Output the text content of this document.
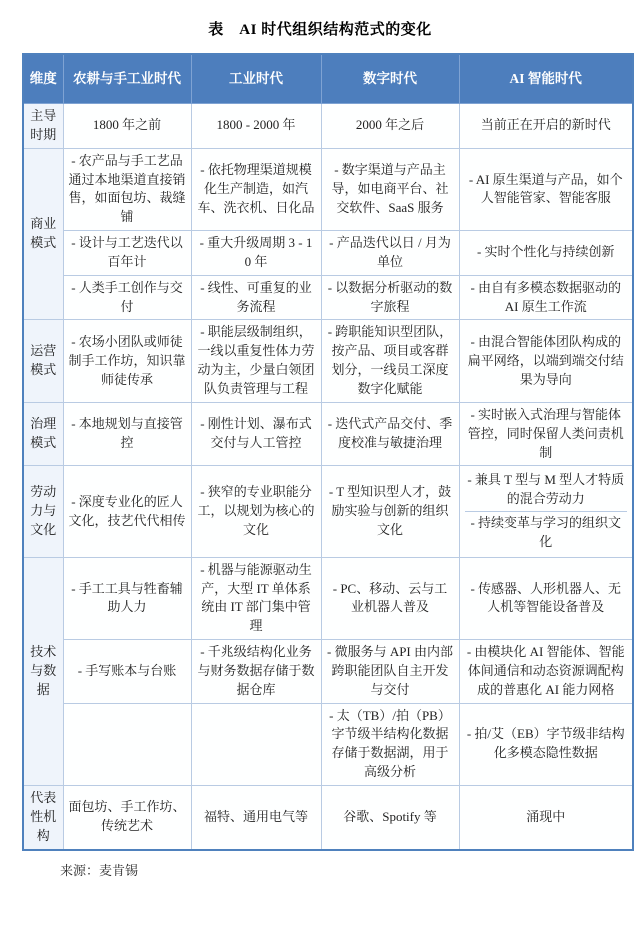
表　AI 时代组织结构范式的变化
维度	农耕与手工业时代	工业时代	数字时代	AI 智能时代
主导时期	1800 年之前	1800 - 2000 年	2000 年之后	当前正在开启的新时代
商业模式	- 农产品与手工艺品通过本地渠道直接销售，如面包坊、裁缝铺	- 依托物理渠道规模化生产制造，如汽车、洗衣机、日化品	- 数字渠道与产品主导，如电商平台、社交软件、SaaS 服务	- AI 原生渠道与产品，如个人智能管家、智能客服
	- 设计与工艺迭代以百年计	- 重大升级周期 3 - 10 年	- 产品迭代以日 / 月为单位	- 实时个性化与持续创新
	- 人类手工创作与交付	- 线性、可重复的业务流程	- 以数据分析驱动的数字旅程	- 由自有多模态数据驱动的 AI 原生工作流
运营模式	- 农场小团队或师徒制手工作坊，知识靠师徒传承	- 职能层级制组织，一线以重复性体力劳动为主，少量白领团队负责管理与工程	- 跨职能知识型团队，按产品、项目或客群划分，一线员工深度数字化赋能	- 由混合智能体团队构成的扁平网络，以端到端交付结果为导向
治理模式	- 本地规划与直接管控	- 刚性计划、瀑布式交付与人工管控	- 迭代式产品交付、季度校准与敏捷治理	- 实时嵌入式治理与智能体管控，同时保留人类问责机制
劳动力与文化	- 深度专业化的匠人文化，技艺代代相传	- 狭窄的专业职能分工，以规划为核心的文化	- T 型知识型人才，鼓励实验与创新的组织文化	- 兼具 T 型与 M 型人才特质的混合劳动力
- 持续变革与学习的组织文化

技术与数据	- 手工工具与牲畜辅助人力	- 机器与能源驱动生产，大型 IT 单体系统由 IT 部门集中管理	- PC、移动、云与工业机器人普及	- 传感器、人形机器人、无人机等智能设备普及
	- 手写账本与台账	- 千兆级结构化业务与财务数据存储于数据仓库	- 微服务与 API 由内部跨职能团队自主开发与交付	- 由模块化 AI 智能体、智能体间通信和动态资源调配构成的普惠化 AI 能力网格
			- 太（TB）/拍（PB）字节级半结构化数据存储于数据湖，用于高级分析	- 拍/艾（EB）字节级非结构化多模态隐性数据
代表性机构	面包坊、手工作坊、传统艺术	福特、通用电气等	谷歌、Spotify 等	涌现中
来源：麦肯锡
